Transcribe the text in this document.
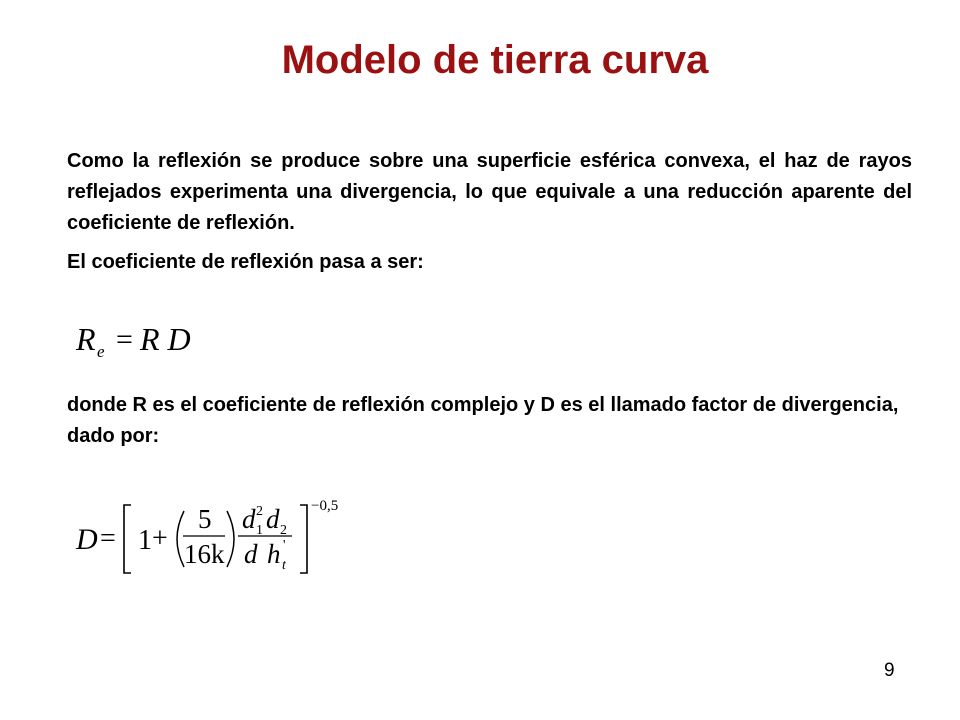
Modelo de tierra curva

Como la reflexión se produce sobre una superficie esférica convexa, el haz de rayos reflejados experimenta una divergencia, lo que equivale a una reducción aparente del coeficiente de reflexión.

El coeficiente de reflexión pasa a ser:

R e = R D

donde R es el coeficiente de reflexión complejo y D es el llamado factor de divergencia, dado por:

D = 1 +
5
16k
d 1
2 d 2
d h t
'
−0,5
9
